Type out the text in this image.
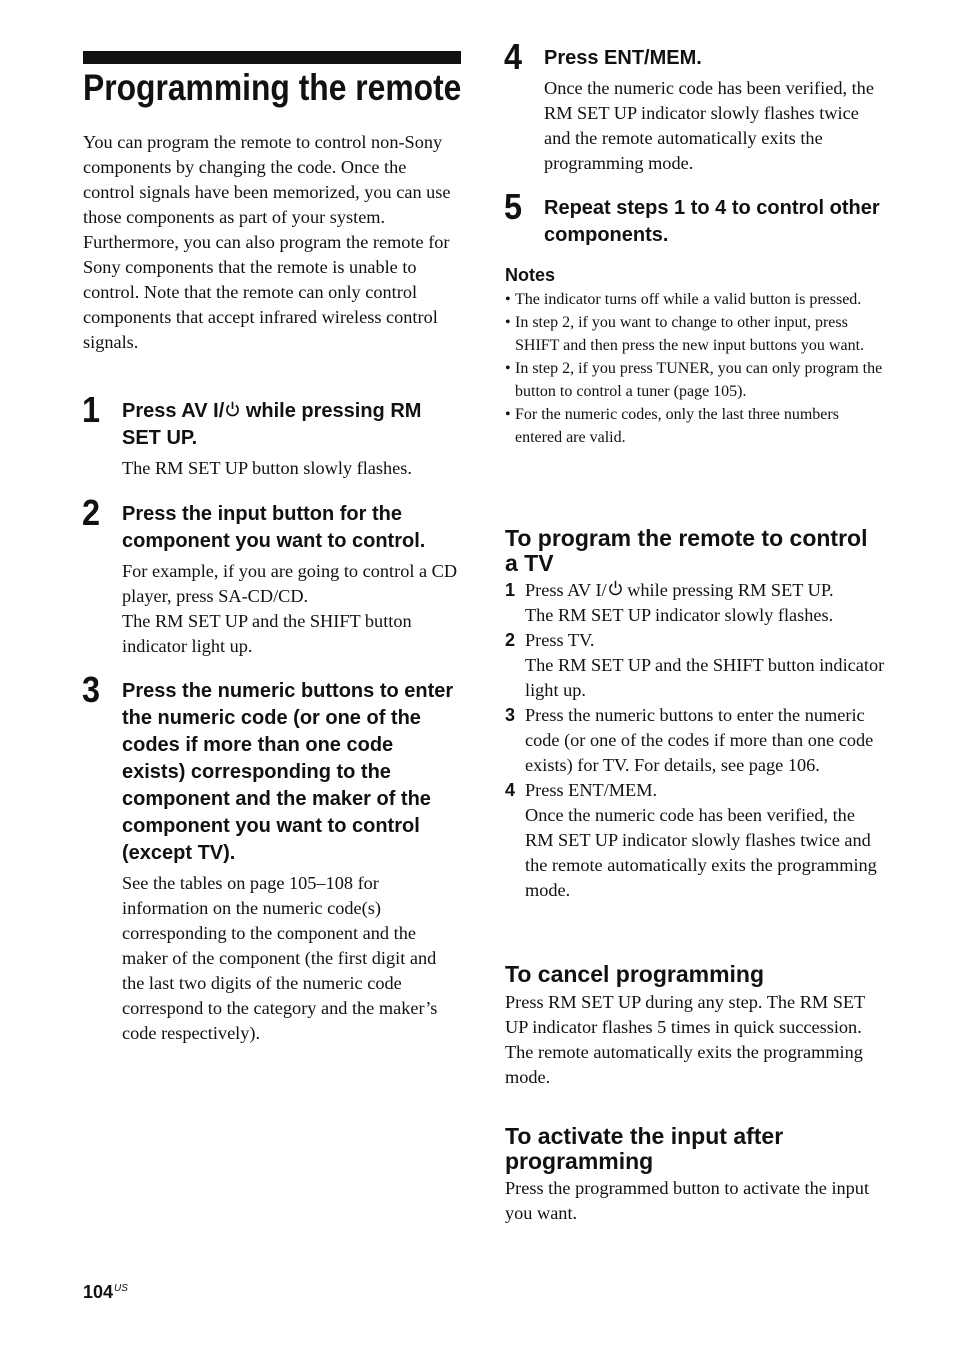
Programming the remote

You can program the remote to control non-Sony components by changing the code. Once the control signals have been memorized, you can use those components as part of your system.

Furthermore, you can also program the remote for Sony components that the remote is unable to control. Note that the remote can only control components that accept infrared wireless control signals.

1 Press AV I/
while pressing RM SET UP.

The RM SET UP button slowly flashes.

2 Press the input button for the component you want to control.

For example, if you are going to control a CD player, press SA-CD/CD.

The RM SET UP and the SHIFT button indicator light up.

3 Press the numeric buttons to enter the numeric code (or one of the codes if more than one code exists) corresponding to the component and the maker of the component you want to control (except TV).

See the tables on page 105–108 for information on the numeric code(s) corresponding to the component and the maker of the component (the first digit and the last two digits of the numeric code correspond to the category and the maker’s code respectively).

4 Press ENT/MEM.

Once the numeric code has been verified, the RM SET UP indicator slowly flashes twice and the remote automatically exits the programming mode.

5 Repeat steps 1 to 4 to control other components.

Notes

• The indicator turns off while a valid button is pressed.
• In step 2, if you want to change to other input, press SHIFT and then press the new input buttons you want.
• In step 2, if you press TUNER, you can only program the button to control a tuner (page 105).
• For the numeric codes, only the last three numbers entered are valid.
To program the remote to control a TV
1 Press AV I/
while pressing RM SET UP.
The RM SET UP indicator slowly flashes.
2 Press TV.
The RM SET UP and the SHIFT button indicator light up.
3 Press the numeric buttons to enter the numeric code (or one of the codes if more than one code exists) for TV. For details, see page 106.
4 Press ENT/MEM.
Once the numeric code has been verified, the RM SET UP indicator slowly flashes twice and the remote automatically exits the programming mode.
To cancel programming

Press RM SET UP during any step. The RM SET UP indicator flashes 5 times in quick succession. The remote automatically exits the programming mode.

To activate the input after programming

Press the programmed button to activate the input you want.

$104^{US}$
